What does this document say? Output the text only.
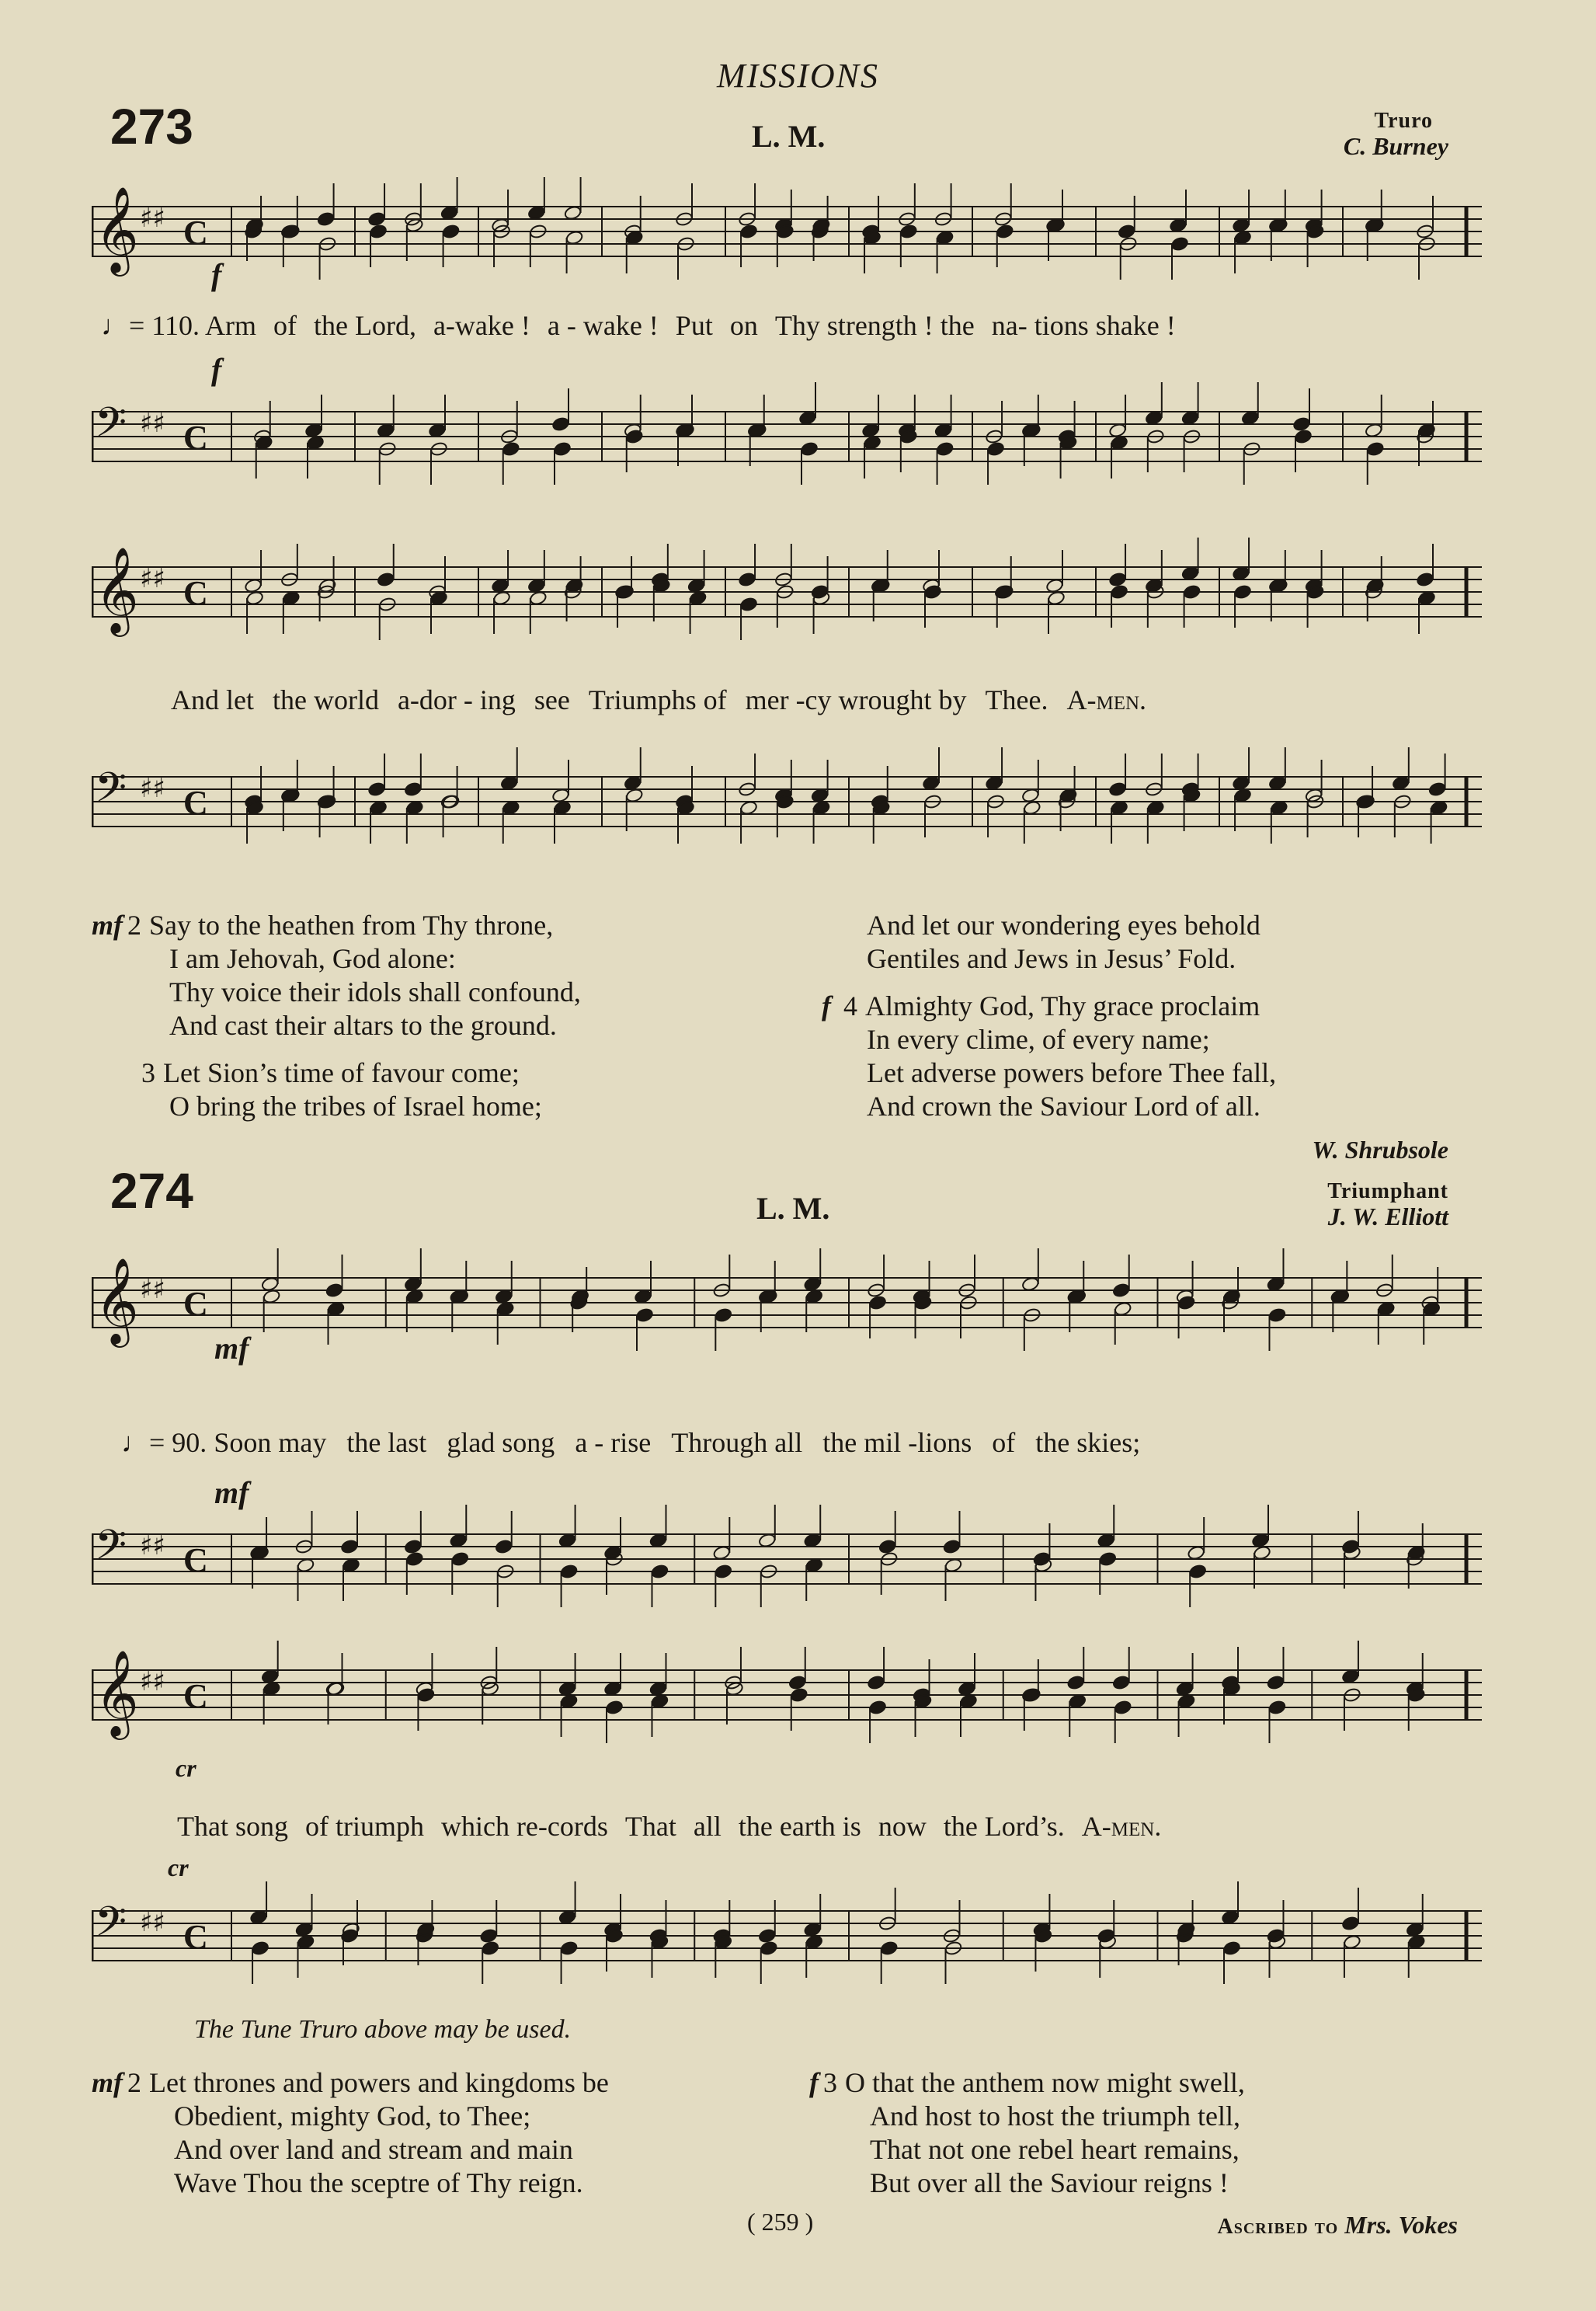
MISSIONS
273	L. M.	Truro
C. Burney
𝄞 ♯♯ C
f
♩= 110. Arm of the Lord, a-wake ! a - wake ! Put on Thy strength ! the na- tions shake !
f
𝄢 ♯♯ C
𝄞 ♯♯ C
And let the world a-dor - ing see Triumphs of mer -cy wrought by Thee. A-men.
𝄢 ♯♯ C
mf 2 Say to the heathen from Thy throne,
I am Jehovah, God alone:
Thy voice their idols shall confound,
And cast their altars to the ground.
3 Let Sion’s time of favour come;
O bring the tribes of Israel home;
And let our wondering eyes behold
Gentiles and Jews in Jesus’ Fold.
f 4 Almighty God, Thy grace proclaim
In every clime, of every name;
Let adverse powers before Thee fall,
And crown the Saviour Lord of all.
W. Shrubsole
274	L. M.	Triumphant
J. W. Elliott
𝄞 ♯♯ C
mf
♩= 90. Soon may the last glad song a - rise Through all the mil -lions of the skies;
mf
𝄢 ♯♯ C
𝄞 ♯♯ C
cr
That song of triumph which re-cords That all the earth is now the Lord’s. A-men.
cr
𝄢 ♯♯ C
The Tune Truro above may be used.
mf 2 Let thrones and powers and kingdoms be
Obedient, mighty God, to Thee;
And over land and stream and main
Wave Thou the sceptre of Thy reign.
f 3 O that the anthem now might swell,
And host to host the triumph tell,
That not one rebel heart remains,
But over all the Saviour reigns !
( 259 )	Ascribed to Mrs. Vokes
